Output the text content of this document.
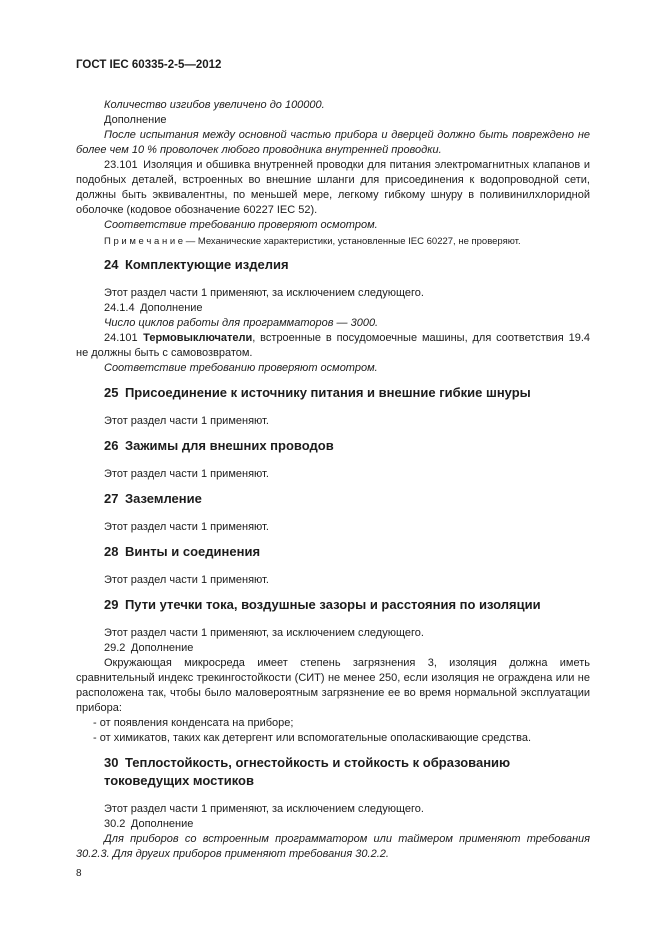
ГОСТ IEC 60335-2-5—2012

Количество изгибов увеличено до 100000.

Дополнение

После испытания между основной частью прибора и дверцей должно быть повреждено не более чем 10 % проволочек любого проводника внутренней проводки.

23.101 Изоляция и обшивка внутренней проводки для питания электромагнитных клапанов и подобных деталей, встроенных во внешние шланги для присоединения к водопроводной сети, должны быть эквивалентны, по меньшей мере, легкому гибкому шнуру в поливинилхлоридной оболочке (кодовое обозначение 60227 IEC 52).

Соответствие требованию проверяют осмотром.

П р и м е ч а н и е — Механические характеристики, установленные IEC 60227, не проверяют.

24 Комплектующие изделия

Этот раздел части 1 применяют, за исключением следующего.

24.1.4 Дополнение

Число циклов работы для программаторов — 3000.

24.101 Термовыключатели, встроенные в посудомоечные машины, для соответствия 19.4 не должны быть с самовозвратом.

Соответствие требованию проверяют осмотром.

25 Присоединение к источнику питания и внешние гибкие шнуры

Этот раздел части 1 применяют.

26 Зажимы для внешних проводов

Этот раздел части 1 применяют.

27 Заземление

Этот раздел части 1 применяют.

28 Винты и соединения

Этот раздел части 1 применяют.

29 Пути утечки тока, воздушные зазоры и расстояния по изоляции

Этот раздел части 1 применяют, за исключением следующего.

29.2 Дополнение

Окружающая микросреда имеет степень загрязнения 3, изоляция должна иметь сравнительный индекс трекингостойкости (СИТ) не менее 250, если изоляция не ограждена или не расположена так, чтобы было маловероятным загрязнение ее во время нормальной эксплуатации прибора:

- от появления конденсата на приборе;

- от химикатов, таких как детергент или вспомогательные ополаскивающие средства.

30 Теплостойкость, огнестойкость и стойкость к образованию токоведущих мостиков

Этот раздел части 1 применяют, за исключением следующего.

30.2 Дополнение

Для приборов со встроенным программатором или таймером применяют требования 30.2.3. Для других приборов применяют требования 30.2.2.

8
